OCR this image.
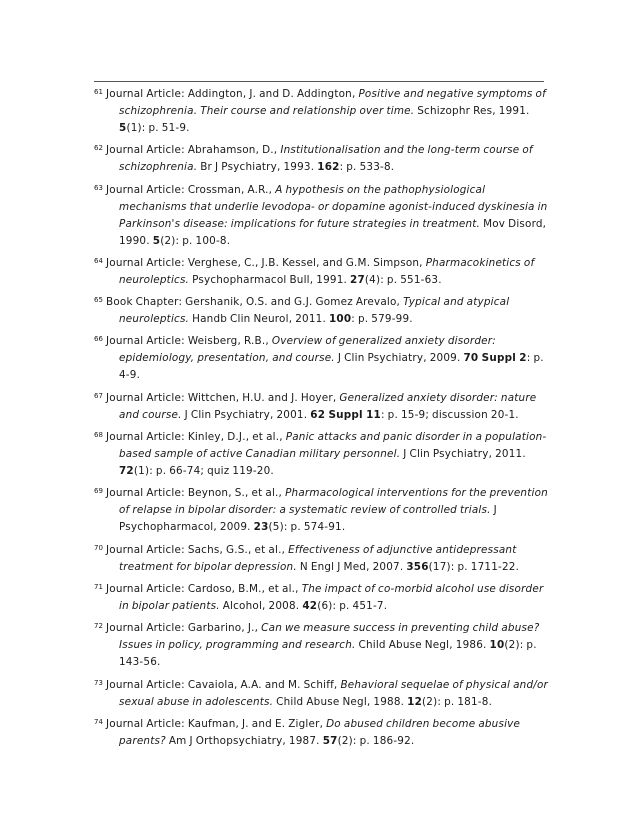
$^{61}$ Journal Article: Addington, J. and D. Addington, Positive and negative symptoms of schizophrenia. Their course and relationship over time. Schizophr Res, 1991. 5(1): p. 51-9.
$^{62}$ Journal Article: Abrahamson, D., Institutionalisation and the long-term course of schizophrenia. Br J Psychiatry, 1993. 162: p. 533-8.
$^{63}$ Journal Article: Crossman, A.R., A hypothesis on the pathophysiological mechanisms that underlie levodopa- or dopamine agonist-induced dyskinesia in Parkinson's disease: implications for future strategies in treatment. Mov Disord, 1990. 5(2): p. 100-8.
$^{64}$ Journal Article: Verghese, C., J.B. Kessel, and G.M. Simpson, Pharmacokinetics of neuroleptics. Psychopharmacol Bull, 1991. 27(4): p. 551-63.
$^{65}$ Book Chapter: Gershanik, O.S. and G.J. Gomez Arevalo, Typical and atypical neuroleptics. Handb Clin Neurol, 2011. 100: p. 579-99.
$^{66}$ Journal Article: Weisberg, R.B., Overview of generalized anxiety disorder: epidemiology, presentation, and course. J Clin Psychiatry, 2009. 70 Suppl 2: p. 4-9.
$^{67}$ Journal Article: Wittchen, H.U. and J. Hoyer, Generalized anxiety disorder: nature and course. J Clin Psychiatry, 2001. 62 Suppl 11: p. 15-9; discussion 20-1.
$^{68}$ Journal Article: Kinley, D.J., et al., Panic attacks and panic disorder in a population-based sample of active Canadian military personnel. J Clin Psychiatry, 2011. 72(1): p. 66-74; quiz 119-20.
$^{69}$ Journal Article: Beynon, S., et al., Pharmacological interventions for the prevention of relapse in bipolar disorder: a systematic review of controlled trials. J Psychopharmacol, 2009. 23(5): p. 574-91.
$^{70}$ Journal Article: Sachs, G.S., et al., Effectiveness of adjunctive antidepressant treatment for bipolar depression. N Engl J Med, 2007. 356(17): p. 1711-22.
$^{71}$ Journal Article: Cardoso, B.M., et al., The impact of co-morbid alcohol use disorder in bipolar patients. Alcohol, 2008. 42(6): p. 451-7.
$^{72}$ Journal Article: Garbarino, J., Can we measure success in preventing child abuse? Issues in policy, programming and research. Child Abuse Negl, 1986. 10(2): p. 143-56.
$^{73}$ Journal Article: Cavaiola, A.A. and M. Schiff, Behavioral sequelae of physical and/or sexual abuse in adolescents. Child Abuse Negl, 1988. 12(2): p. 181-8.
$^{74}$ Journal Article: Kaufman, J. and E. Zigler, Do abused children become abusive parents? Am J Orthopsychiatry, 1987. 57(2): p. 186-92.
